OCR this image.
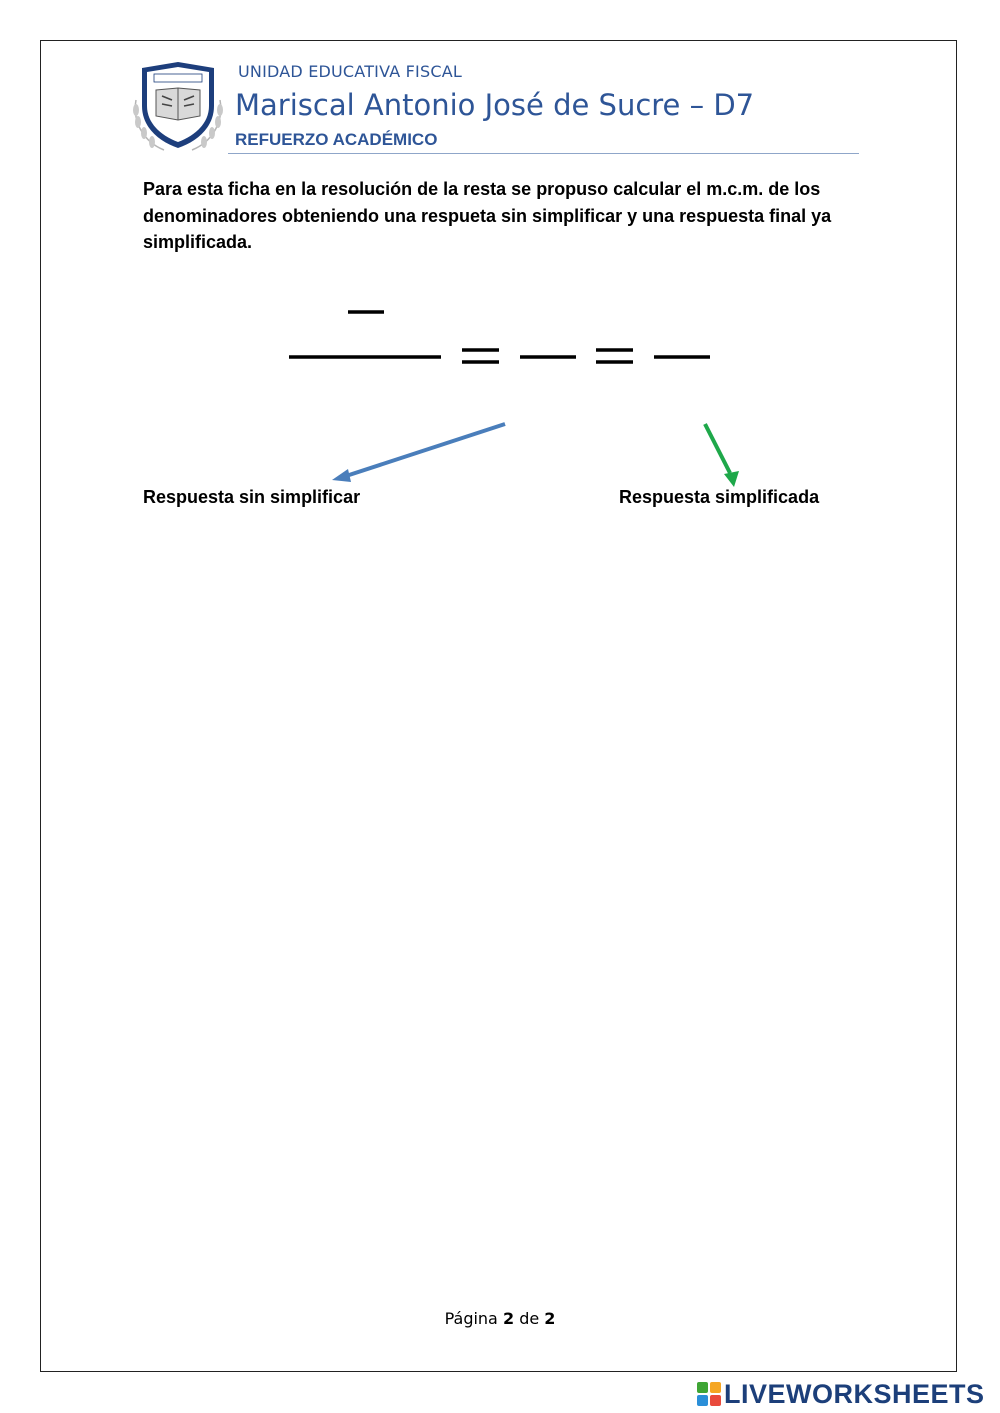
UNIDAD EDUCATIVA FISCAL
Mariscal Antonio José de Sucre – D7
REFUERZO ACADÉMICO
Para esta ficha en la resolución de la resta se propuso calcular el m.c.m. de los denominadores obteniendo una respueta sin simplificar y una respuesta final ya simplificada.
Respuesta sin simplificar	Respuesta simplificada
Página 2 de 2
LIVEWORKSHEETS
